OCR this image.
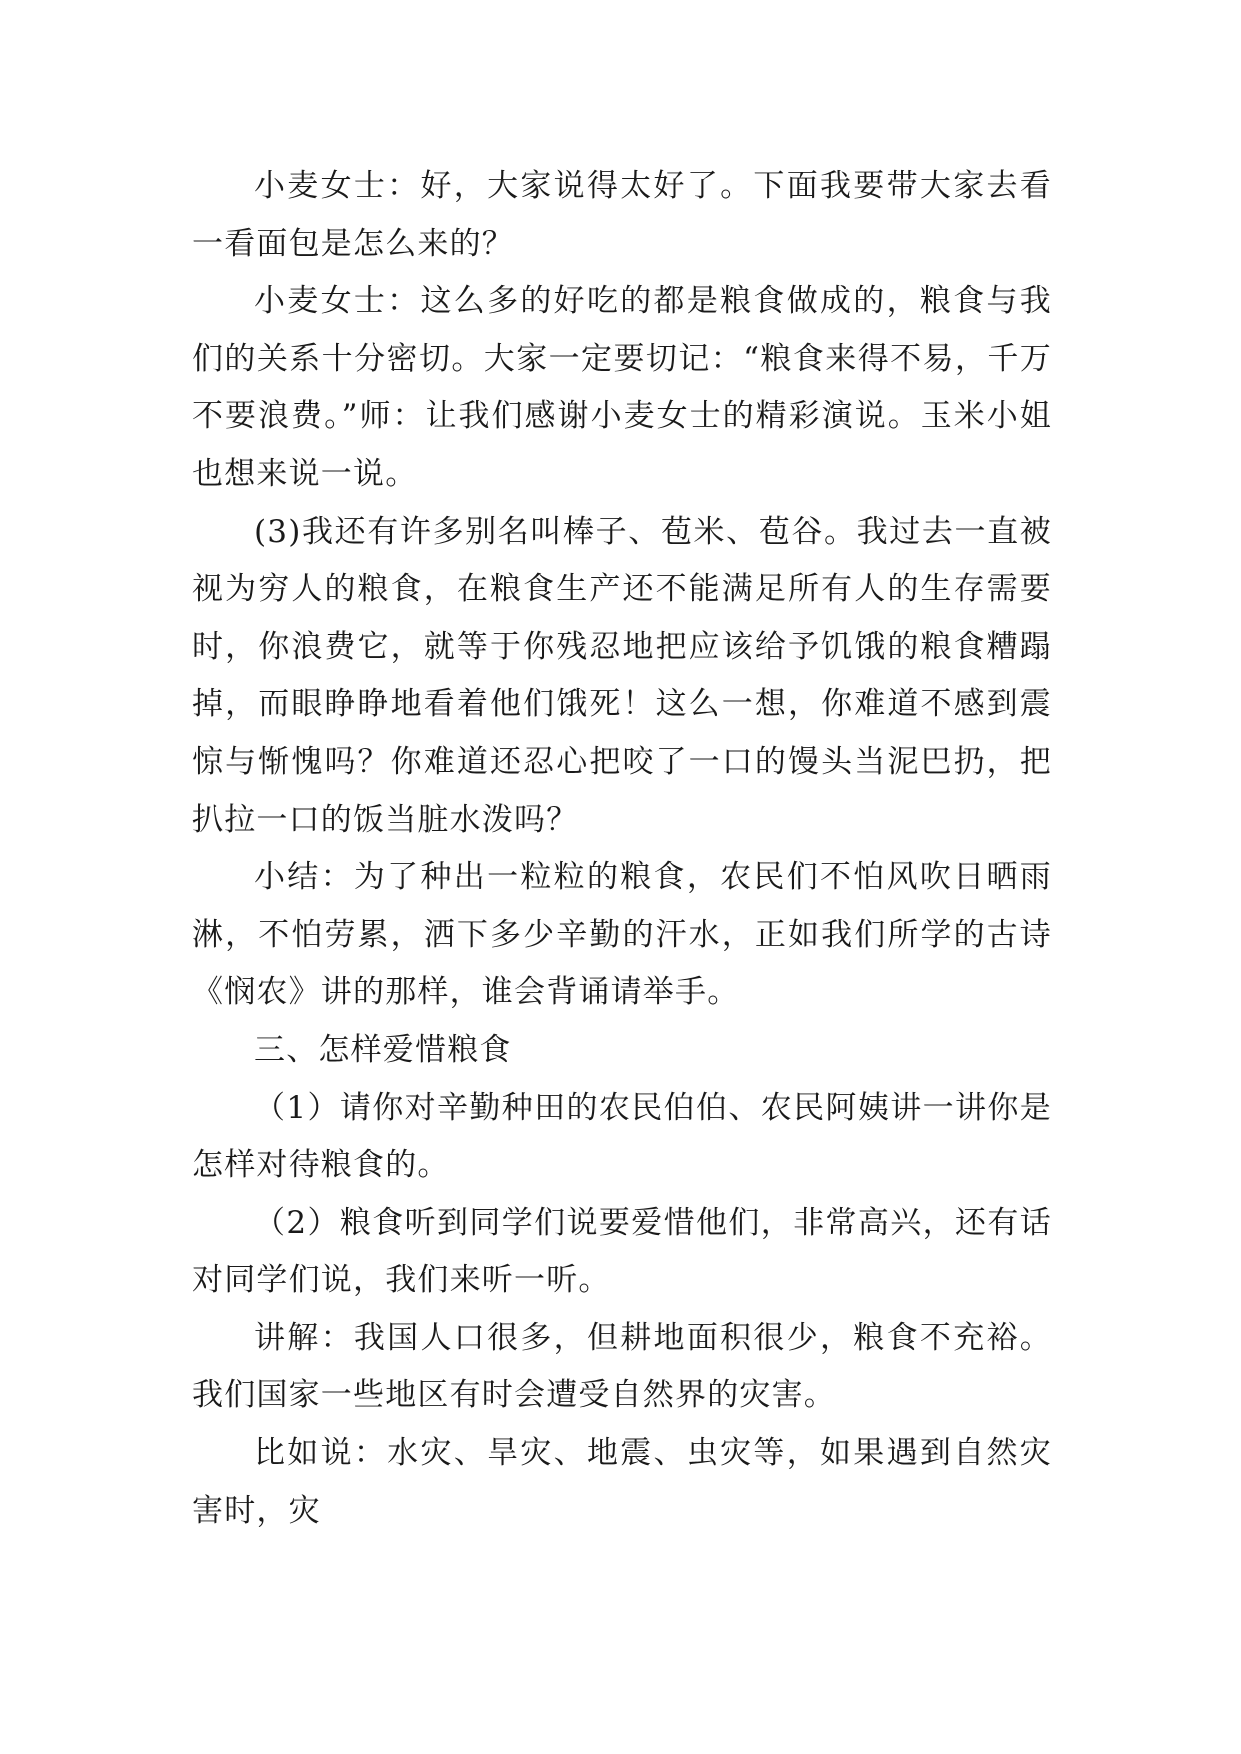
小麦女士：好，大家说得太好了。下面我要带大家去看一看面包是怎么来的？

小麦女士：这么多的好吃的都是粮食做成的，粮食与我们的关系十分密切。大家一定要切记：“粮食来得不易，千万不要浪费。”师：让我们感谢小麦女士的精彩演说。玉米小姐也想来说一说。

(3)我还有许多别名叫棒子、苞米、苞谷。我过去一直被视为穷人的粮食，在粮食生产还不能满足所有人的生存需要时，你浪费它，就等于你残忍地把应该给予饥饿的粮食糟蹋掉，而眼睁睁地看着他们饿死！这么一想，你难道不感到震惊与惭愧吗？你难道还忍心把咬了一口的馒头当泥巴扔，把扒拉一口的饭当脏水泼吗？

小结：为了种出一粒粒的粮食，农民们不怕风吹日晒雨淋，不怕劳累，洒下多少辛勤的汗水，正如我们所学的古诗《悯农》讲的那样，谁会背诵请举手。

三、怎样爱惜粮食

（1）请你对辛勤种田的农民伯伯、农民阿姨讲一讲你是怎样对待粮食的。

（2）粮食听到同学们说要爱惜他们，非常高兴，还有话对同学们说，我们来听一听。

讲解：我国人口很多，但耕地面积很少，粮食不充裕。我们国家一些地区有时会遭受自然界的灾害。

比如说：水灾、旱灾、地震、虫灾等，如果遇到自然灾害时，灾
